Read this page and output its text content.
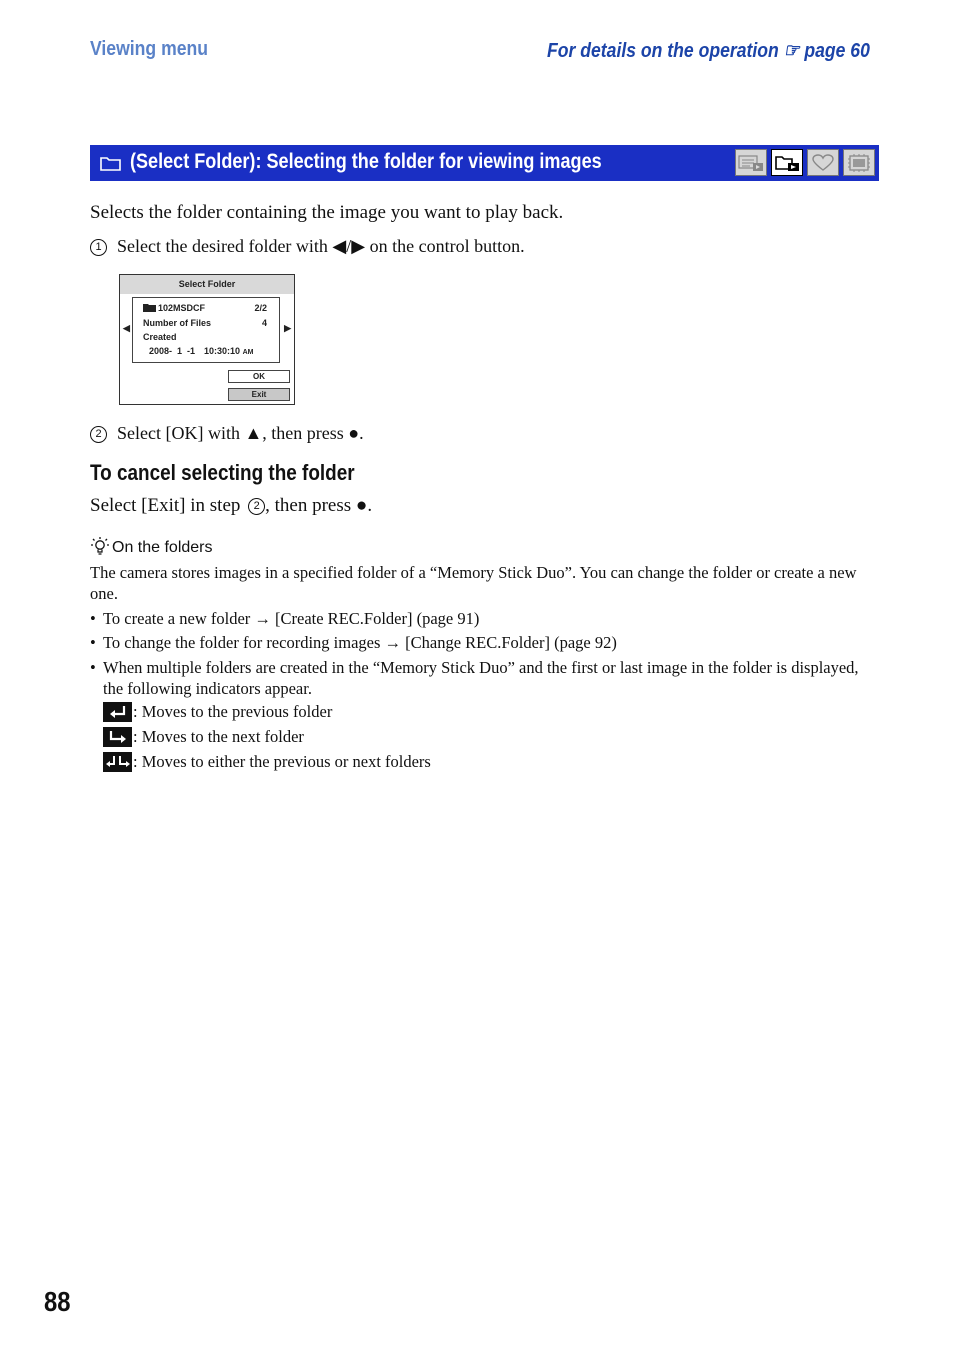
Viewing menu	For details on the operation ☞ page 60
(Select Folder): Selecting the folder for viewing images
Selects the folder containing the image you want to play back.
1 Select the desired folder with ◀/▶ on the control button.
Select Folder
◀	▶
102MSDCF	2/2
Number of Files	4
Created
2008-  1  -1 10:30:10 AM
OK
Exit
2 Select [OK] with ▲, then press ●.
To cancel selecting the folder
Select [Exit] in step 2 , then press ●.
On the folders
The camera stores images in a specified folder of a “Memory Stick Duo”. You can change the folder or create a new one.
• To create a new folder → [Create REC.Folder] (page 91)
• To change the folder for recording images → [Change REC.Folder] (page 92)
• When multiple folders are created in the “Memory Stick Duo” and the first or last image in the folder is displayed, the following indicators appear.
: Moves to the previous folder
: Moves to the next folder
: Moves to either the previous or next folders
88
